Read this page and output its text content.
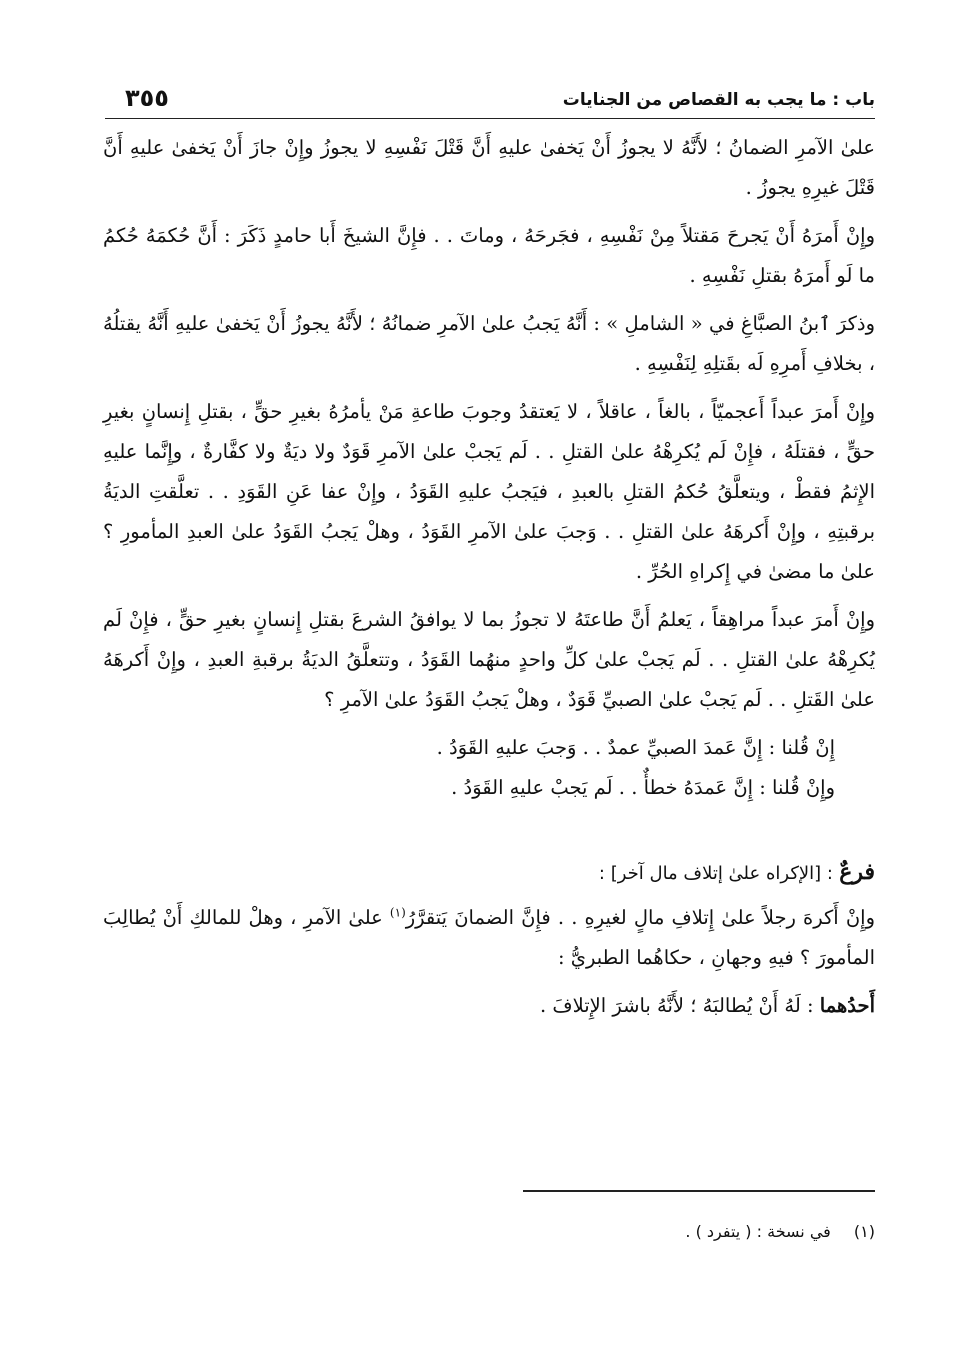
باب : ما يجب به القصاص من الجنايات
٣٥٥

علىٰ الآمرِ الضمانُ ؛ لأَنَّهُ لا يجوزُ أَنْ يَخفىٰ عليهِ أَنَّ قَتْلَ نَفْسِهِ لا يجوزُ وإِنْ جازَ أَنْ يَخفىٰ عليهِ أَنَّ قَتْلَ غيرِهِ يجوزُ .

وإِنْ أَمرَهُ أَنْ يَجرحَ مَقتلاً مِنْ نَفْسِهِ ، فجَرحَهُ ، وماتَ . . فإِنَّ الشيخَ أَبا حامدٍ ذَكَرَ : أَنَّ حُكمَهُ حُكمُ ما لَو أَمرَهُ بقتلِ نَفْسِهِ .

وذكرَ ٱبنُ الصبَّاغِ في « الشاملِ » : أَنَّهُ يَجبُ علىٰ الآمرِ ضمانُهُ ؛ لأَنَّهُ يجوزُ أَنْ يَخفىٰ عليهِ أَنَّهُ يقتلُهُ ، بخلافِ أَمرِهِ لَه بقَتلِهِ لِنَفْسِهِ .

وإِنْ أَمرَ عبداً أَعجميّاً ، بالغاً ، عاقلاً ، لا يَعتقدُ وجوبَ طاعةِ مَنْ يأمرُهُ بغيرِ حقٍّ ، بقتلِ إِنسانٍ بغيرِ حقٍّ ، فقتلَهُ ، فإِنْ لَم يُكرِهْهُ علىٰ القتلِ . . لَم يَجبْ علىٰ الآمرِ قَوَدٌ ولا ديَةٌ ولا كفَّارةٌ ، وإِنَّما عليهِ الإِثمُ فقطْ ، ويتعلَّقُ حُكمُ القتلِ بالعبدِ ، فيَجبُ عليهِ القَوَدُ ، وإِنْ عفا عَنِ القَوَدِ . . تعلَّقتِ الديَةُ برقبتِهِ ، وإِنْ أَكرهَهُ علىٰ القتلِ . . وَجبَ علىٰ الآمرِ القَوَدُ ، وهلْ يَجبُ القَوَدُ علىٰ العبدِ المأمورِ ؟ علىٰ ما مضىٰ في إِكراهِ الحُرِّ .

وإِنْ أَمرَ عبداً مراهِقاً ، يَعلمُ أَنَّ طاعتَهُ لا تجوزُ بما لا يوافقُ الشرعَ بقتلِ إِنسانٍ بغيرِ حقٍّ ، فإِنْ لَم يُكرِهْهُ علىٰ القتلِ . . لَم يَجبْ علىٰ كلِّ واحدٍ منهُما القَوَدُ ، وتتعلَّقُ الديَةُ برقبةِ العبدِ ، وإِنْ أَكرهَهُ علىٰ القَتلِ . . لَم يَجبْ علىٰ الصبيِّ قَوَدٌ ، وهلْ يَجبُ القَوَدُ علىٰ الآمرِ ؟

إِنْ قُلنا : إِنَّ عَمدَ الصبيِّ عمدٌ . . وَجبَ عليهِ القَوَدُ .

وإِنْ قُلنا : إِنَّ عَمدَهُ خطأٌ . . لَم يَجبْ عليهِ القَوَدُ .

فرعٌ : [الإكراه علىٰ إتلاف مال آخر] :

وإِنْ أَكرهَ رجلاً علىٰ إِتلافِ مالٍ لغيرِهِ . . فإِنَّ الضمانَ يَتقرَّرُ$^{(١)}$ علىٰ الآمرِ ، وهلْ للمالكِ أَنْ يُطالِبَ المأمورَ ؟ فيهِ وجهانِ ، حكاهُما الطبريُّ :

أَحدُهما : لَهُ أَنْ يُطالبَهُ ؛ لأَنَّهُ باشرَ الإِتلافَ .

(١) في نسخة : ( يتفرد ) .
